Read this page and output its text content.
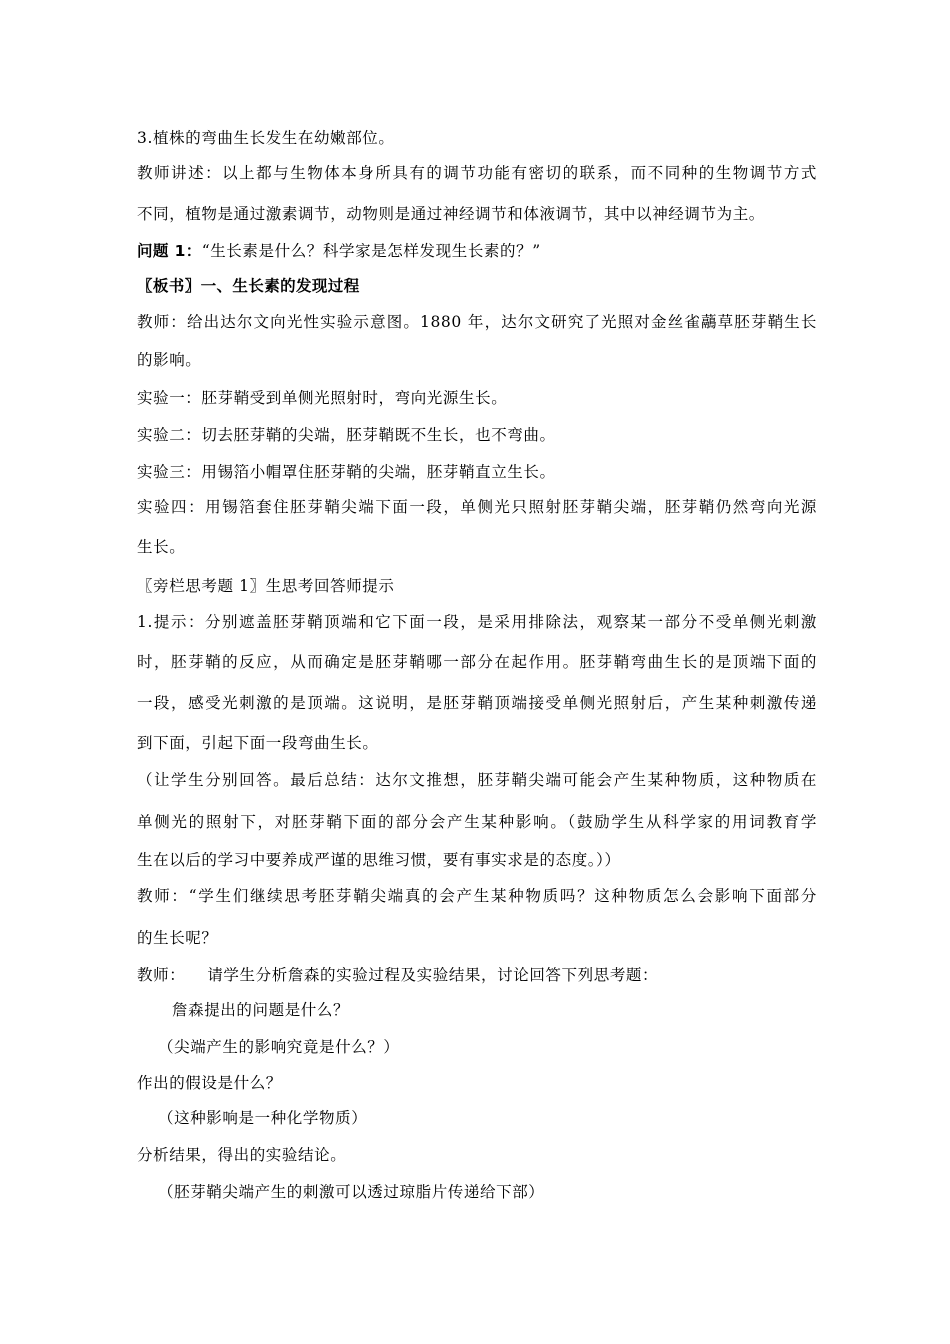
3.植株的弯曲生长发生在幼嫩部位。
教师讲述：以上都与生物体本身所具有的调节功能有密切的联系，而不同种的生物调节方式
不同，植物是通过激素调节，动物则是通过神经调节和体液调节，其中以神经调节为主。
问题 1：“生长素是什么？科学家是怎样发现生长素的？”
〖板书〗一、生长素的发现过程
教师：给出达尔文向光性实验示意图。1880 年，达尔文研究了光照对金丝雀虉草胚芽鞘生长
的影响。
实验一：胚芽鞘受到单侧光照射时，弯向光源生长。
实验二：切去胚芽鞘的尖端，胚芽鞘既不生长，也不弯曲。
实验三：用锡箔小帽罩住胚芽鞘的尖端，胚芽鞘直立生长。
实验四：用锡箔套住胚芽鞘尖端下面一段，单侧光只照射胚芽鞘尖端，胚芽鞘仍然弯向光源
生长。
〖旁栏思考题 1〗生思考回答师提示
1.提示：分别遮盖胚芽鞘顶端和它下面一段，是采用排除法，观察某一部分不受单侧光刺激
时，胚芽鞘的反应，从而确定是胚芽鞘哪一部分在起作用。胚芽鞘弯曲生长的是顶端下面的
一段，感受光刺激的是顶端。这说明，是胚芽鞘顶端接受单侧光照射后，产生某种刺激传递
到下面，引起下面一段弯曲生长。
（让学生分别回答。最后总结：达尔文推想，胚芽鞘尖端可能会产生某种物质，这种物质在
单侧光的照射下，对胚芽鞘下面的部分会产生某种影响。（鼓励学生从科学家的用词教育学
生在以后的学习中要养成严谨的思维习惯，要有事实求是的态度。））
教师：“学生们继续思考胚芽鞘尖端真的会产生某种物质吗？这种物质怎么会影响下面部分
的生长呢？
教师： 请学生分析詹森的实验过程及实验结果，讨论回答下列思考题：
詹森提出的问题是什么？
（尖端产生的影响究竟是什么？）
作出的假设是什么？
（这种影响是一种化学物质）
分析结果，得出的实验结论。
（胚芽鞘尖端产生的刺激可以透过琼脂片传递给下部）
